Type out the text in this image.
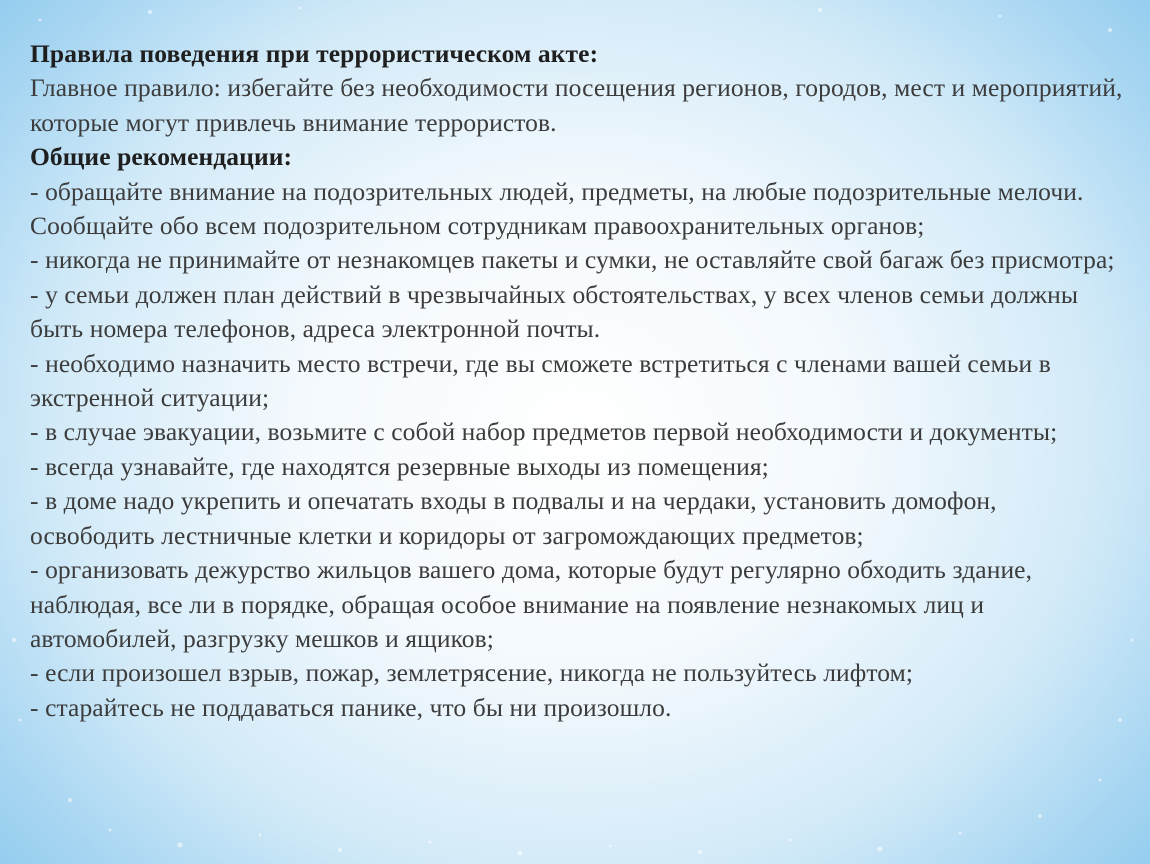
Правила поведения при террористическом акте:

Главное правило: избегайте без необходимости посещения регионов, городов, мест и мероприятий, которые могут привлечь внимание террористов.

Общие рекомендации:

- обращайте внимание на подозрительных людей, предметы, на любые подозрительные мелочи. Сообщайте обо всем подозрительном сотрудникам правоохранительных органов;

- никогда не принимайте от незнакомцев пакеты и сумки, не оставляйте свой багаж без присмотра;

- у семьи должен план действий в чрезвычайных обстоятельствах, у всех членов семьи должны быть номера телефонов, адреса электронной почты.

- необходимо назначить место встречи, где вы сможете встретиться с членами вашей семьи в экстренной ситуации;

- в случае эвакуации, возьмите с собой набор предметов первой необходимости и документы;

- всегда узнавайте, где находятся резервные выходы из помещения;

- в доме надо укрепить и опечатать входы в подвалы и на чердаки, установить домофон, освободить лестничные клетки и коридоры от загромождающих предметов;

- организовать дежурство жильцов вашего дома, которые будут регулярно обходить здание, наблюдая, все ли в порядке, обращая особое внимание на появление незнакомых лиц и автомобилей, разгрузку мешков и ящиков;

- если произошел взрыв, пожар, землетрясение, никогда не пользуйтесь лифтом;

- старайтесь не поддаваться панике, что бы ни произошло.
